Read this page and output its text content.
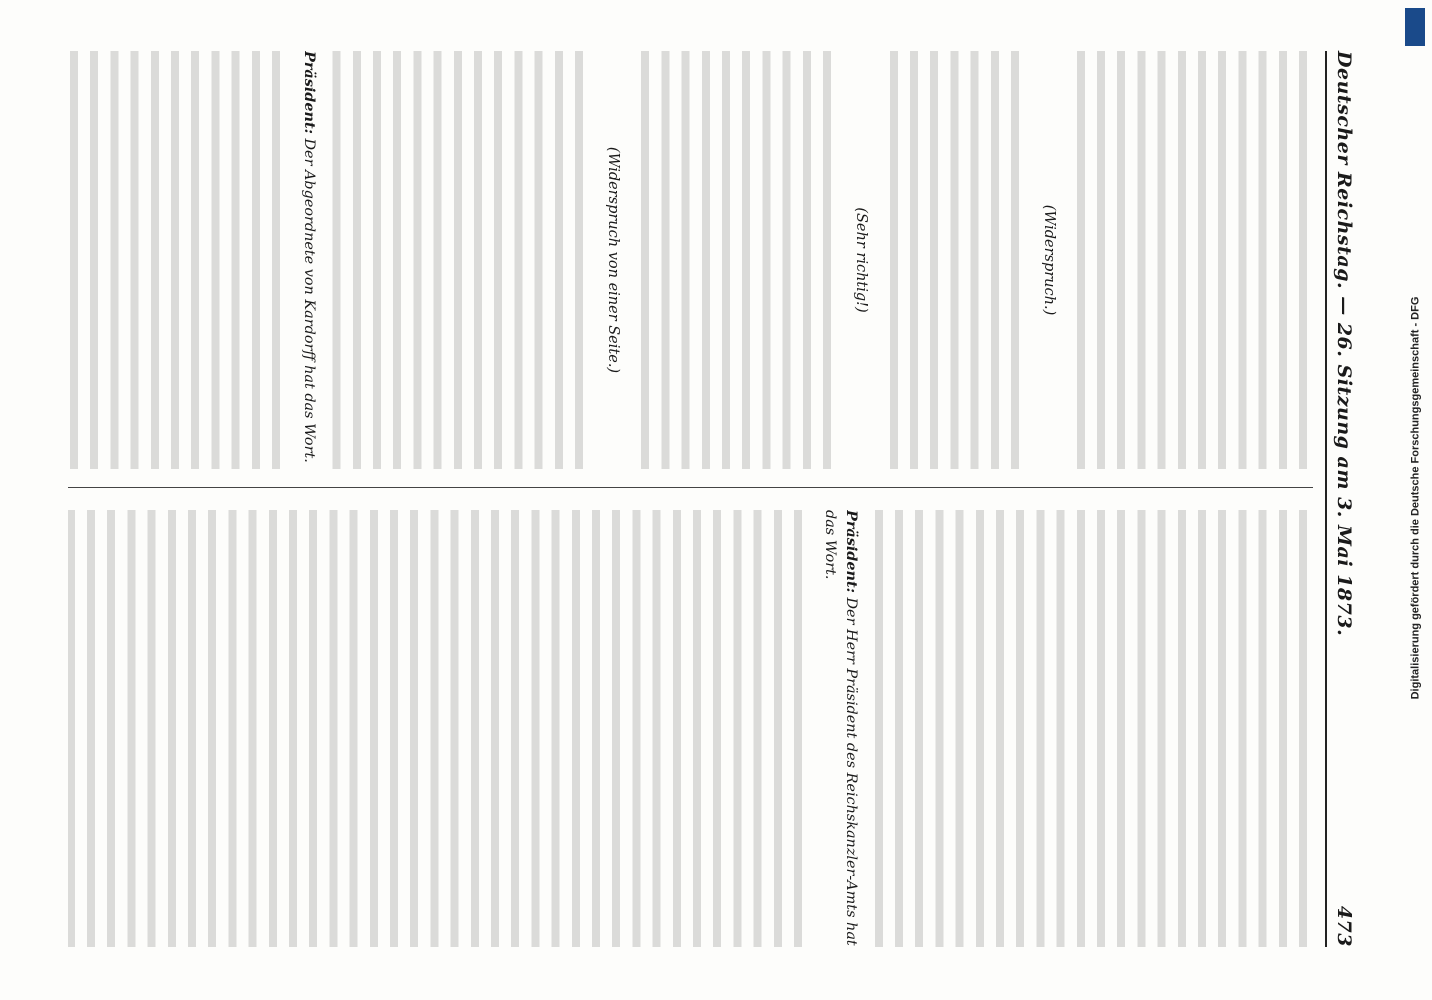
Deutscher Reichstag. — 26. Sitzung am 3. Mai 1873.
473

(Widerspruch.)

(Sehr richtig!)

(Widerspruch von einer Seite.)

Präsident: Der Abgeordnete von Kardorff hat das Wort.

Präsident: Der Herr Präsident des Reichskanzler-Amts hat das Wort.	Digitalisierung gefördert durch die Deutsche Forschungsgemeinschaft - DFG
